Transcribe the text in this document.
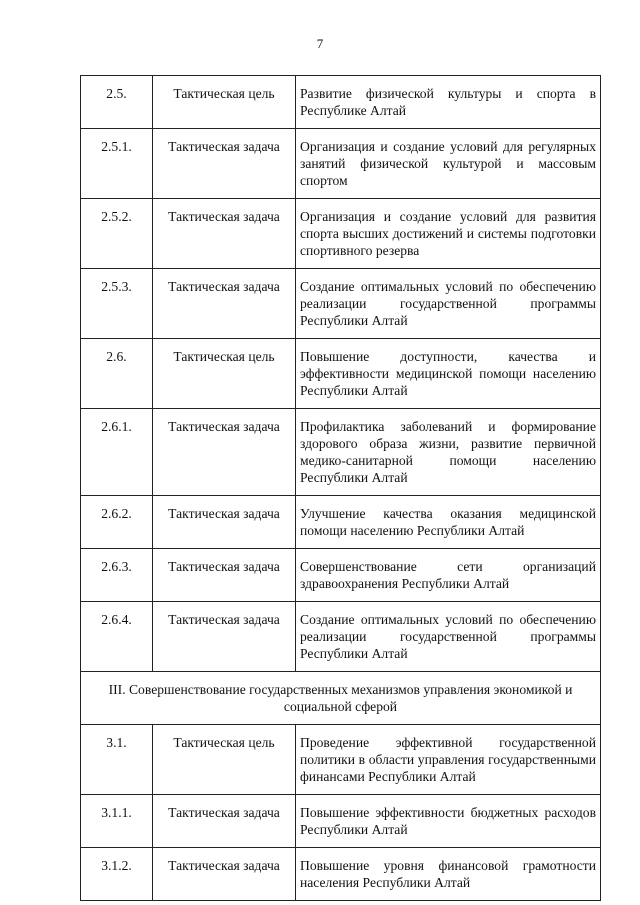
7
2.5.	Тактическая цель	Развитие физической культуры и спорта в Республике Алтай
2.5.1.	Тактическая задача	Организация и создание условий для регулярных занятий физической культурой и массовым спортом
2.5.2.	Тактическая задача	Организация и создание условий для развития спорта высших достижений и системы подготовки спортивного резерва
2.5.3.	Тактическая задача	Создание оптимальных условий по обеспечению реализации государственной программы Республики Алтай
2.6.	Тактическая цель	Повышение доступности, качества и эффективности медицинской помощи населению Республики Алтай
2.6.1.	Тактическая задача	Профилактика заболеваний и формирование здорового образа жизни, развитие первичной медико-санитарной помощи населению Республики Алтай
2.6.2.	Тактическая задача	Улучшение качества оказания медицинской помощи населению Республики Алтай
2.6.3.	Тактическая задача	Совершенствование сети организаций здравоохранения Республики Алтай
2.6.4.	Тактическая задача	Создание оптимальных условий по обеспечению реализации государственной программы Республики Алтай
III. Совершенствование государственных механизмов управления экономикой и социальной сферой		
3.1.	Тактическая цель	Проведение эффективной государственной политики в области управления государственными финансами Республики Алтай
3.1.1.	Тактическая задача	Повышение эффективности бюджетных расходов Республики Алтай
3.1.2.	Тактическая задача	Повышение уровня финансовой грамотности населения Республики Алтай
